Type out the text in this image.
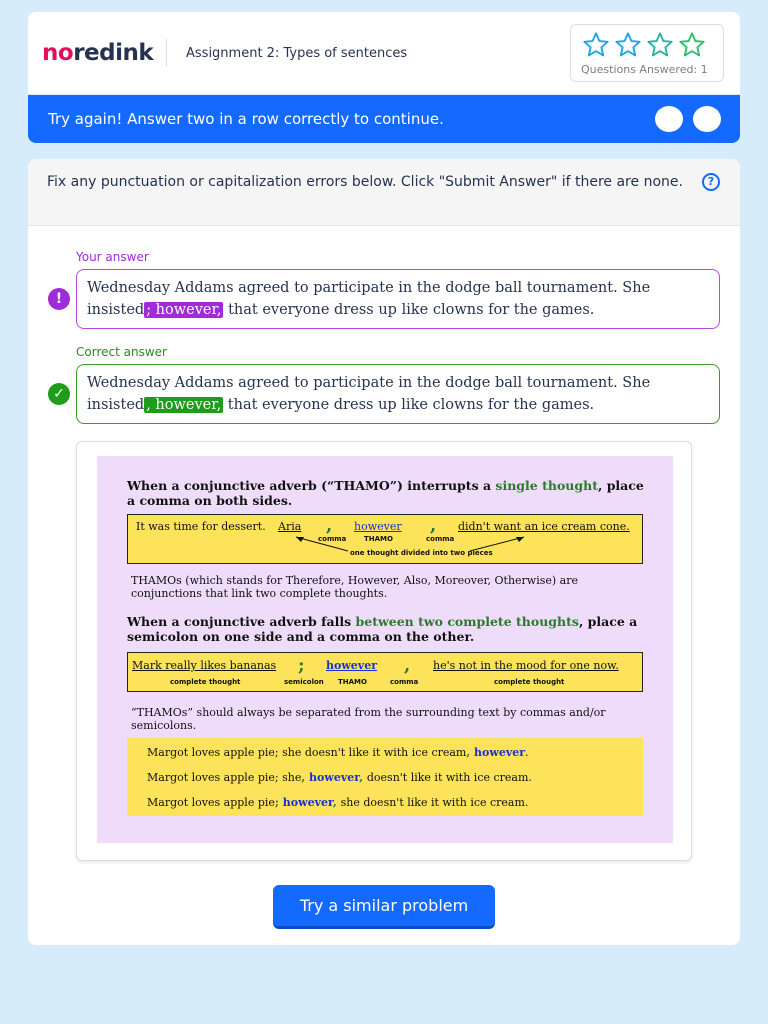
noredink	Assignment 2: Types of sentences
Questions Answered: 1
Try again! Answer two in a row correctly to continue.
Fix any punctuation or capitalization errors below. Click "Submit Answer" if there are none.	?
Your answer
!
Wednesday Addams agreed to participate in the dodge ball tournament. She
insisted ; however, that everyone dress up like clowns for the games.
Correct answer
✓
Wednesday Addams agreed to participate in the dodge ball tournament. She
insisted , however, that everyone dress up like clowns for the games.
When a conjunctive adverb (“THAMO”) interrupts a single thought, place a comma on both sides.
It was time for dessert. Aria , however , didn't want an ice cream cone.
comma	THAMO	comma
one thought divided into two pieces
THAMOs (which stands for Therefore, However, Also, Moreover, Otherwise) are conjunctions that link two complete thoughts.
When a conjunctive adverb falls between two complete thoughts, place a semicolon on one side and a comma on the other.
Mark really likes bananas ; however , he's not in the mood for one now.
complete thought	semicolon THAMO	comma	complete thought
“THAMOs” should always be separated from the surrounding text by commas and/or semicolons.
Margot loves apple pie; she doesn't like it with ice cream, however.
Margot loves apple pie; she, however, doesn't like it with ice cream.
Margot loves apple pie; however, she doesn't like it with ice cream.
Try a similar problem
